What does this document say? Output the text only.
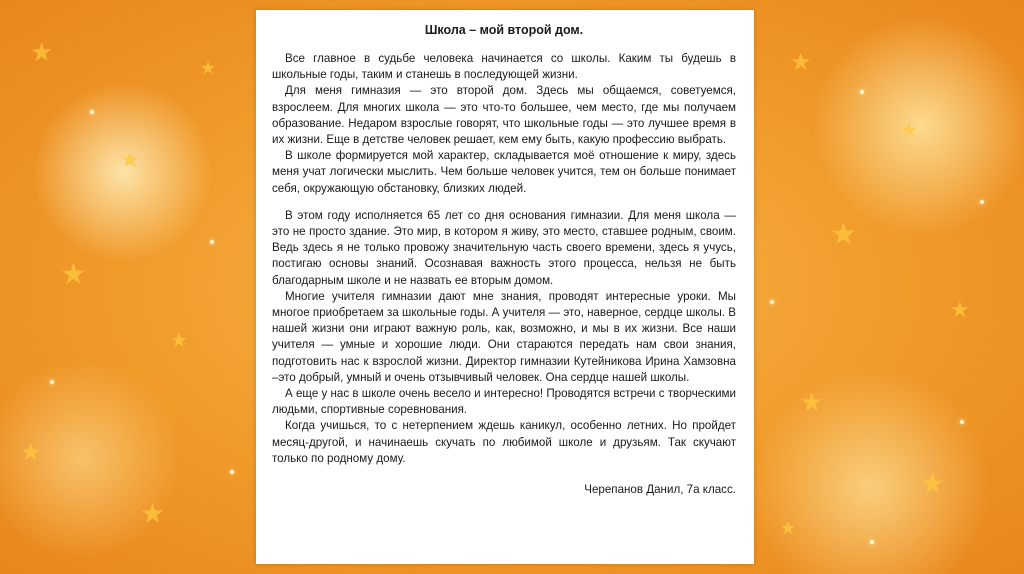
★
★
★
★
★
★
★	★
★
★
★
★
★
★
Школа – мой второй дом.

Все главное в судьбе человека начинается со школы. Каким ты будешь в школьные годы, таким и станешь в последующей жизни.

Для меня гимназия — это второй дом. Здесь мы общаемся, советуемся, взрослеем. Для многих школа — это что-то большее, чем место, где мы получаем образование. Недаром взрослые говорят, что школьные годы — это лучшее время в их жизни. Еще в детстве человек решает, кем ему быть, какую профессию выбрать.

В школе формируется мой характер, складывается моё отношение к миру, здесь меня учат логически мыслить. Чем больше человек учится, тем он больше понимает себя, окружающую обстановку, близких людей.

В этом году исполняется 65 лет со дня основания гимназии. Для меня школа — это не просто здание. Это мир, в котором я живу, это место, ставшее родным, своим. Ведь здесь я не только провожу значительную часть своего времени, здесь я учусь, постигаю основы знаний. Осознавая важность этого процесса, нельзя не быть благодарным школе и не назвать ее вторым домом.

Многие учителя гимназии дают мне знания, проводят интересные уроки. Мы многое приобретаем за школьные годы. А учителя — это, наверное, сердце школы. В нашей жизни они играют важную роль, как, возможно, и мы в их жизни. Все наши учителя — умные и хорошие люди. Они стараются передать нам свои знания, подготовить нас к взрослой жизни. Директор гимназии Кутейникова Ирина Хамзовна –это добрый, умный и очень отзывчивый человек. Она сердце нашей школы.

А еще у нас в школе очень весело и интересно! Проводятся встречи с творческими людьми, спортивные соревнования.

Когда учишься, то с нетерпением ждешь каникул, особенно летних. Но пройдет месяц-другой, и начинаешь скучать по любимой школе и друзьям. Так скучают только по родному дому.

Черепанов Данил, 7а класс.
